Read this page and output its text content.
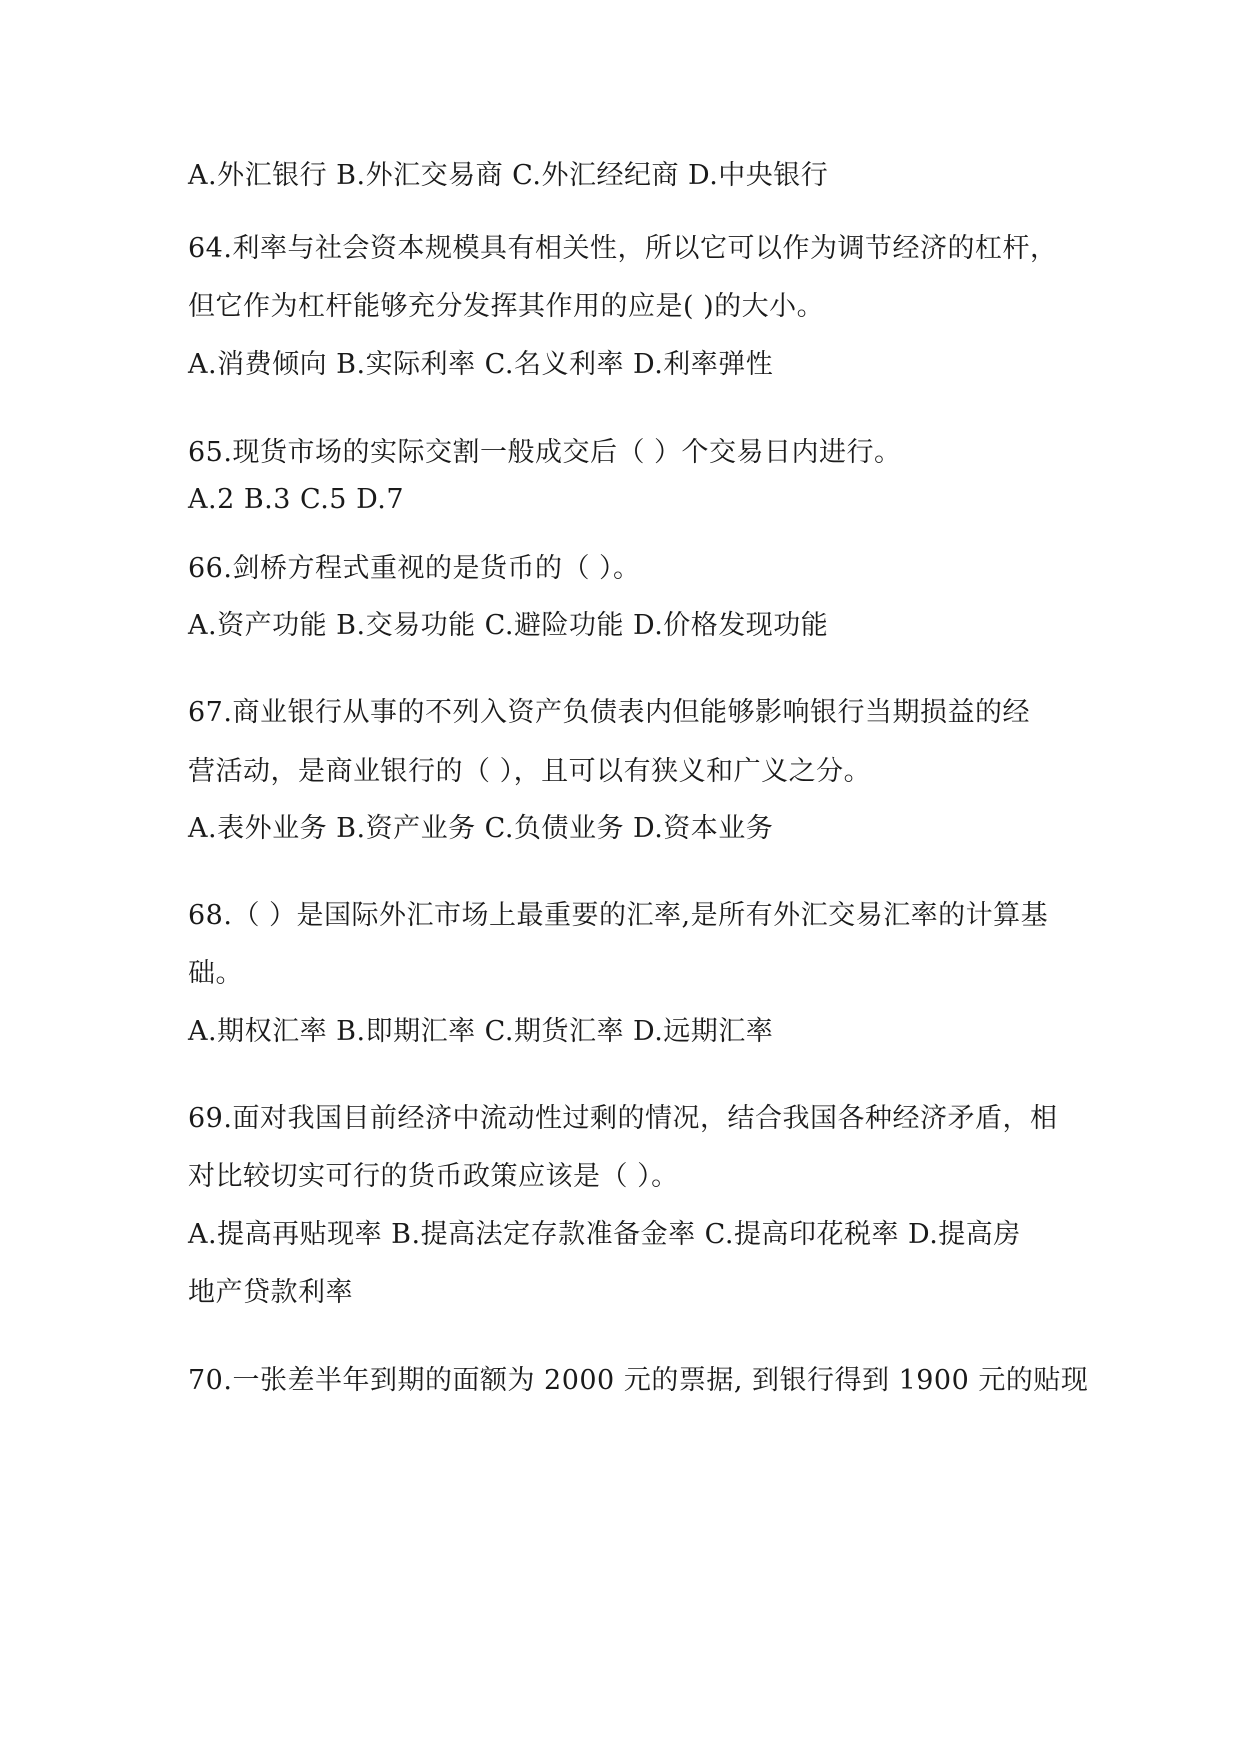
A.外汇银行 B.外汇交易商 C.外汇经纪商 D.中央银行
64.利率与社会资本规模具有相关性，所以它可以作为调节经济的杠杆，
但它作为杠杆能够充分发挥其作用的应是( )的大小。
A.消费倾向 B.实际利率 C.名义利率 D.利率弹性
65.现货市场的实际交割一般成交后（ ）个交易日内进行。
A.2 B.3 C.5 D.7
66.剑桥方程式重视的是货币的（ ）。
A.资产功能 B.交易功能 C.避险功能 D.价格发现功能
67.商业银行从事的不列入资产负债表内但能够影响银行当期损益的经
营活动，是商业银行的（ ），且可以有狭义和广义之分。
A.表外业务 B.资产业务 C.负债业务 D.资本业务
68.（ ）是国际外汇市场上最重要的汇率,是所有外汇交易汇率的计算基
础。
A.期权汇率 B.即期汇率 C.期货汇率 D.远期汇率
69.面对我国目前经济中流动性过剩的情况，结合我国各种经济矛盾，相
对比较切实可行的货币政策应该是（ ）。
A.提高再贴现率 B.提高法定存款准备金率 C.提高印花税率 D.提高房
地产贷款利率
70.一张差半年到期的面额为 2000 元的票据, 到银行得到 1900 元的贴现
